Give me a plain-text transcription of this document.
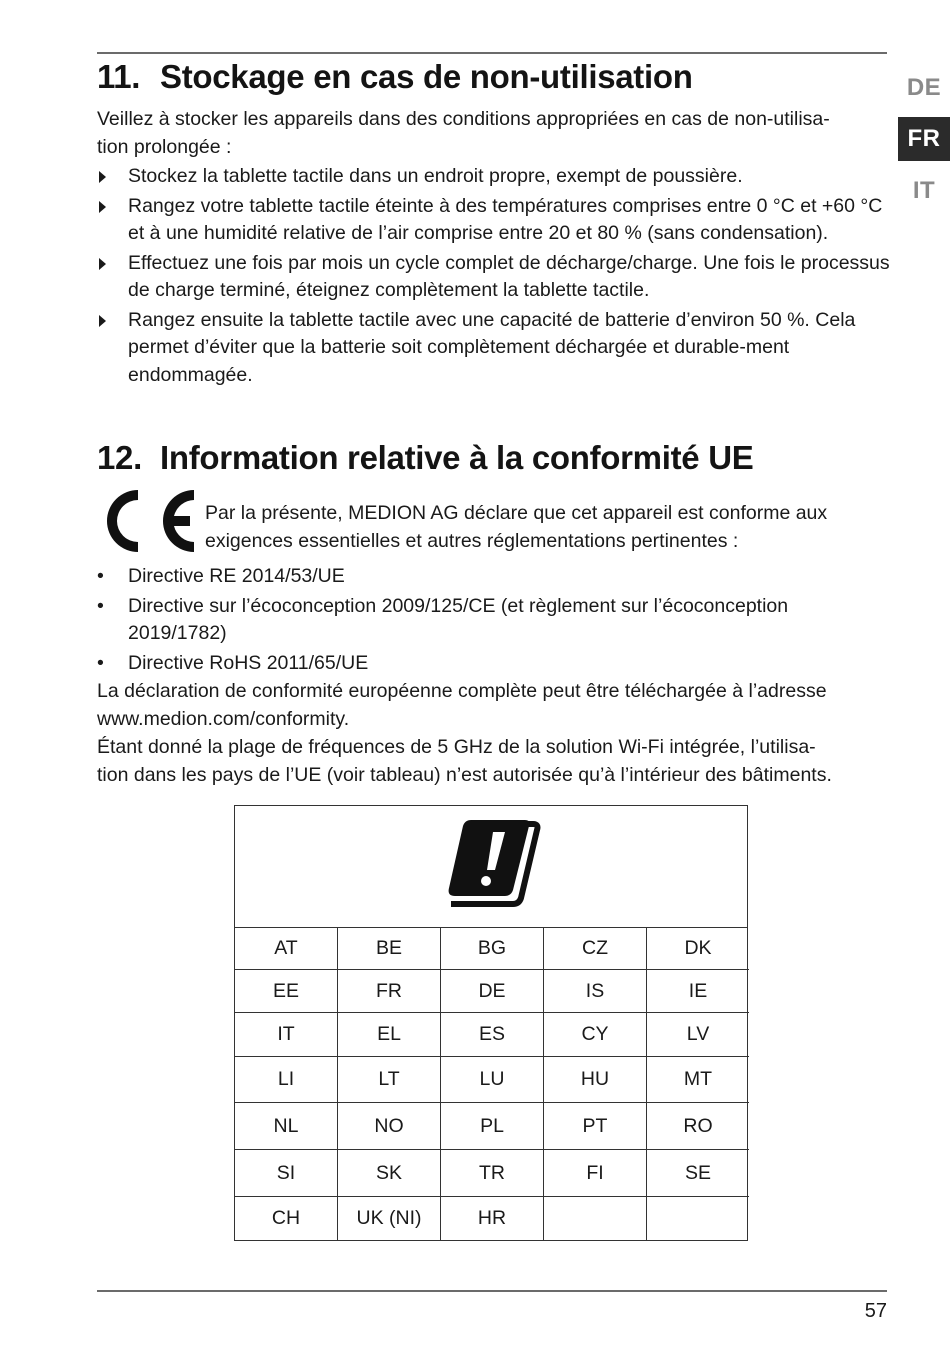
DE
FR
IT
11. Stockage en cas de non-utilisation
Veillez à stocker les appareils dans des conditions appropriées en cas de non-utilisa-
tion prolongée :
Stockez la tablette tactile dans un endroit propre, exempt de poussière.
Rangez votre tablette tactile éteinte à des températures comprises entre 0 °C et +60 °C et à une humidité relative de l’air comprise entre 20 et 80 % (sans condensation).
Effectuez une fois par mois un cycle complet de décharge/charge. Une fois le processus de charge terminé, éteignez complètement la tablette tactile.
Rangez ensuite la tablette tactile avec une capacité de batterie d’environ 50 %. Cela permet d’éviter que la batterie soit complètement déchargée et durable-ment endommagée.
12. Information relative à la conformité UE
Par la présente, MEDION AG déclare que cet appareil est conforme aux exigences essentielles et autres réglementations pertinentes :
• Directive RE 2014/53/UE
• Directive sur l’écoconception 2009/125/CE (et règlement sur l’écoconception 2019/1782)
• Directive RoHS 2011/65/UE
La déclaration de conformité européenne complète peut être téléchargée à l’adresse www.medion.com/conformity.
Étant donné la plage de fréquences de 5 GHz de la solution Wi-Fi intégrée, l’utilisa-
tion dans les pays de l’UE (voir tableau) n’est autorisée qu’à l’intérieur des bâtiments.
AT	BE	BG	CZ	DK
EE	FR	DE	IS	IE
IT	EL	ES	CY	LV
LI	LT	LU	HU	MT
NL	NO	PL	PT	RO
SI	SK	TR	FI	SE
CH	UK (NI)	HR
57
